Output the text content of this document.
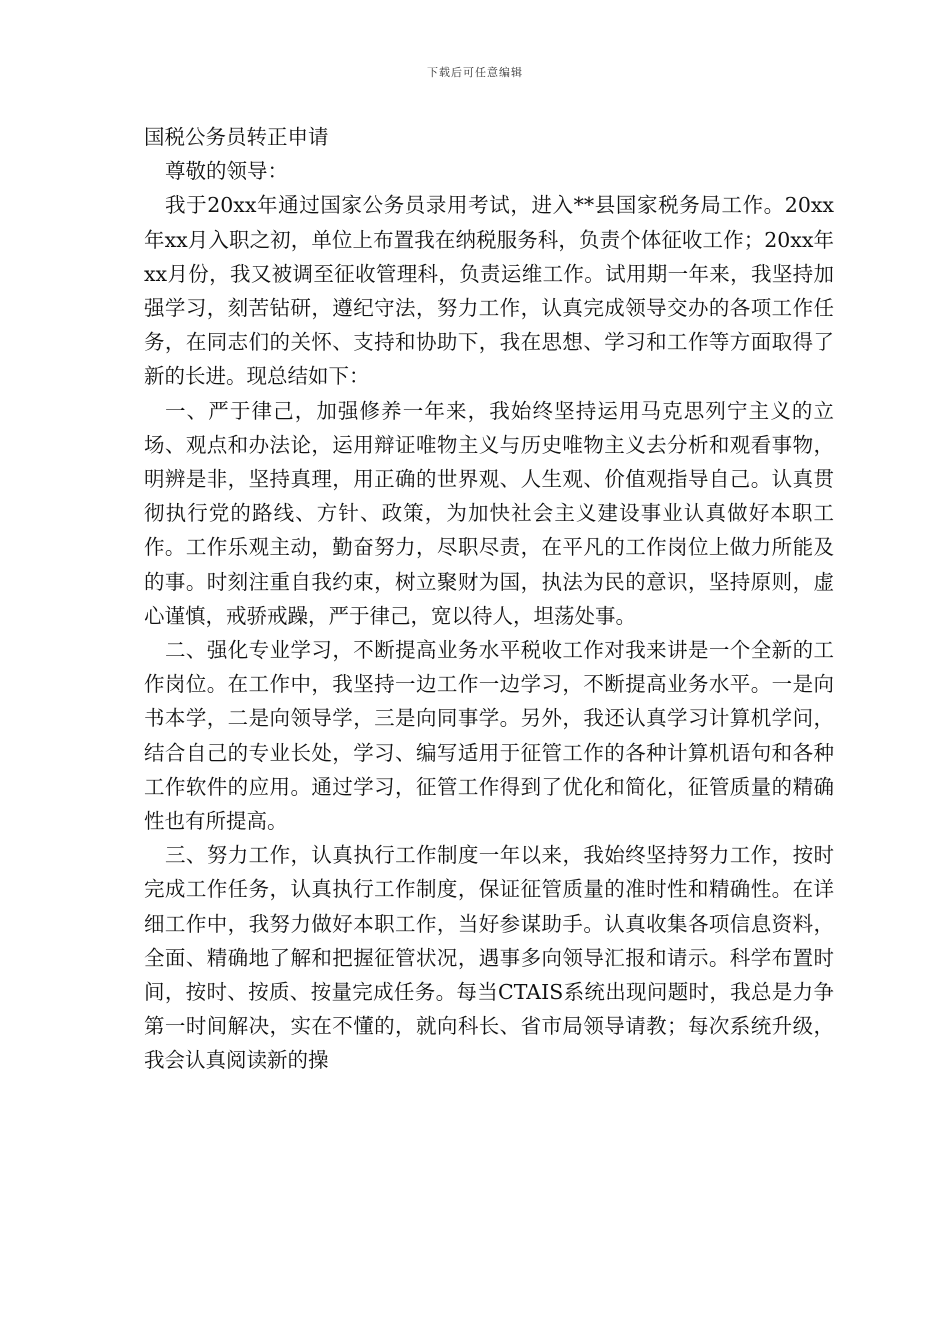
下载后可任意编辑

国税公务员转正申请

尊敬的领导：

我于20xx年通过国家公务员录用考试，进入**县国家税务局工作。20xx年xx月入职之初，单位上布置我在纳税服务科，负责个体征收工作；20xx年xx月份，我又被调至征收管理科，负责运维工作。试用期一年来，我坚持加强学习，刻苦钻研，遵纪守法，努力工作，认真完成领导交办的各项工作任务，在同志们的关怀、支持和协助下，我在思想、学习和工作等方面取得了新的长进。现总结如下：

一、严于律己，加强修养一年来，我始终坚持运用马克思列宁主义的立场、观点和办法论，运用辩证唯物主义与历史唯物主义去分析和观看事物，明辨是非，坚持真理，用正确的世界观、人生观、价值观指导自己。认真贯彻执行党的路线、方针、政策，为加快社会主义建设事业认真做好本职工作。工作乐观主动，勤奋努力，尽职尽责，在平凡的工作岗位上做力所能及的事。时刻注重自我约束，树立聚财为国，执法为民的意识，坚持原则，虚心谨慎，戒骄戒躁，严于律己，宽以待人，坦荡处事。

二、强化专业学习，不断提高业务水平税收工作对我来讲是一个全新的工作岗位。在工作中，我坚持一边工作一边学习，不断提高业务水平。一是向书本学，二是向领导学，三是向同事学。另外，我还认真学习计算机学问，结合自己的专业长处，学习、编写适用于征管工作的各种计算机语句和各种工作软件的应用。通过学习，征管工作得到了优化和简化，征管质量的精确性也有所提高。

三、努力工作，认真执行工作制度一年以来，我始终坚持努力工作，按时完成工作任务，认真执行工作制度，保证征管质量的准时性和精确性。在详细工作中，我努力做好本职工作，当好参谋助手。认真收集各项信息资料，全面、精确地了解和把握征管状况，遇事多向领导汇报和请示。科学布置时间，按时、按质、按量完成任务。每当CTAIS系统出现问题时，我总是力争第一时间解决，实在不懂的，就向科长、省市局领导请教；每次系统升级，我会认真阅读新的操
